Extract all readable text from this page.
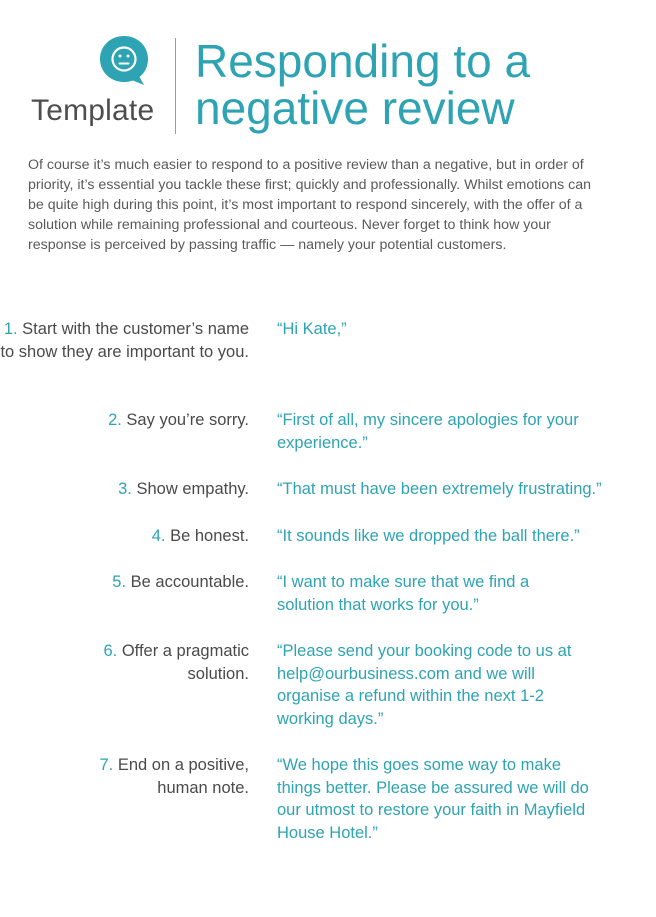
Template
Responding to a
negative review

Of course it’s much easier to respond to a positive review than a negative, but in order of priority, it’s essential you tackle these first; quickly and professionally. Whilst emotions can be quite high during this point, it’s most important to respond sincerely, with the offer of a solution while remaining professional and courteous. Never forget to think how your response is perceived by passing traffic — namely your potential customers.

1. Start with the customer’s name to show they are important to you.
“Hi Kate,”
2. Say you’re sorry. “First of all, my sincere apologies for your experience.”
3. Show empathy. “That must have been extremely frustrating.”
4. Be honest. “It sounds like we dropped the ball there.”
5. Be accountable. “I want to make sure that we find a solution that works for you.”
6. Offer a pragmatic solution.
“Please send your booking code to us at help@ourbusiness.com and we will organise a refund within the next 1-2 working days.”
7. End on a positive, human note.
“We hope this goes some way to make things better. Please be assured we will do our utmost to restore your faith in Mayfield House Hotel.”
